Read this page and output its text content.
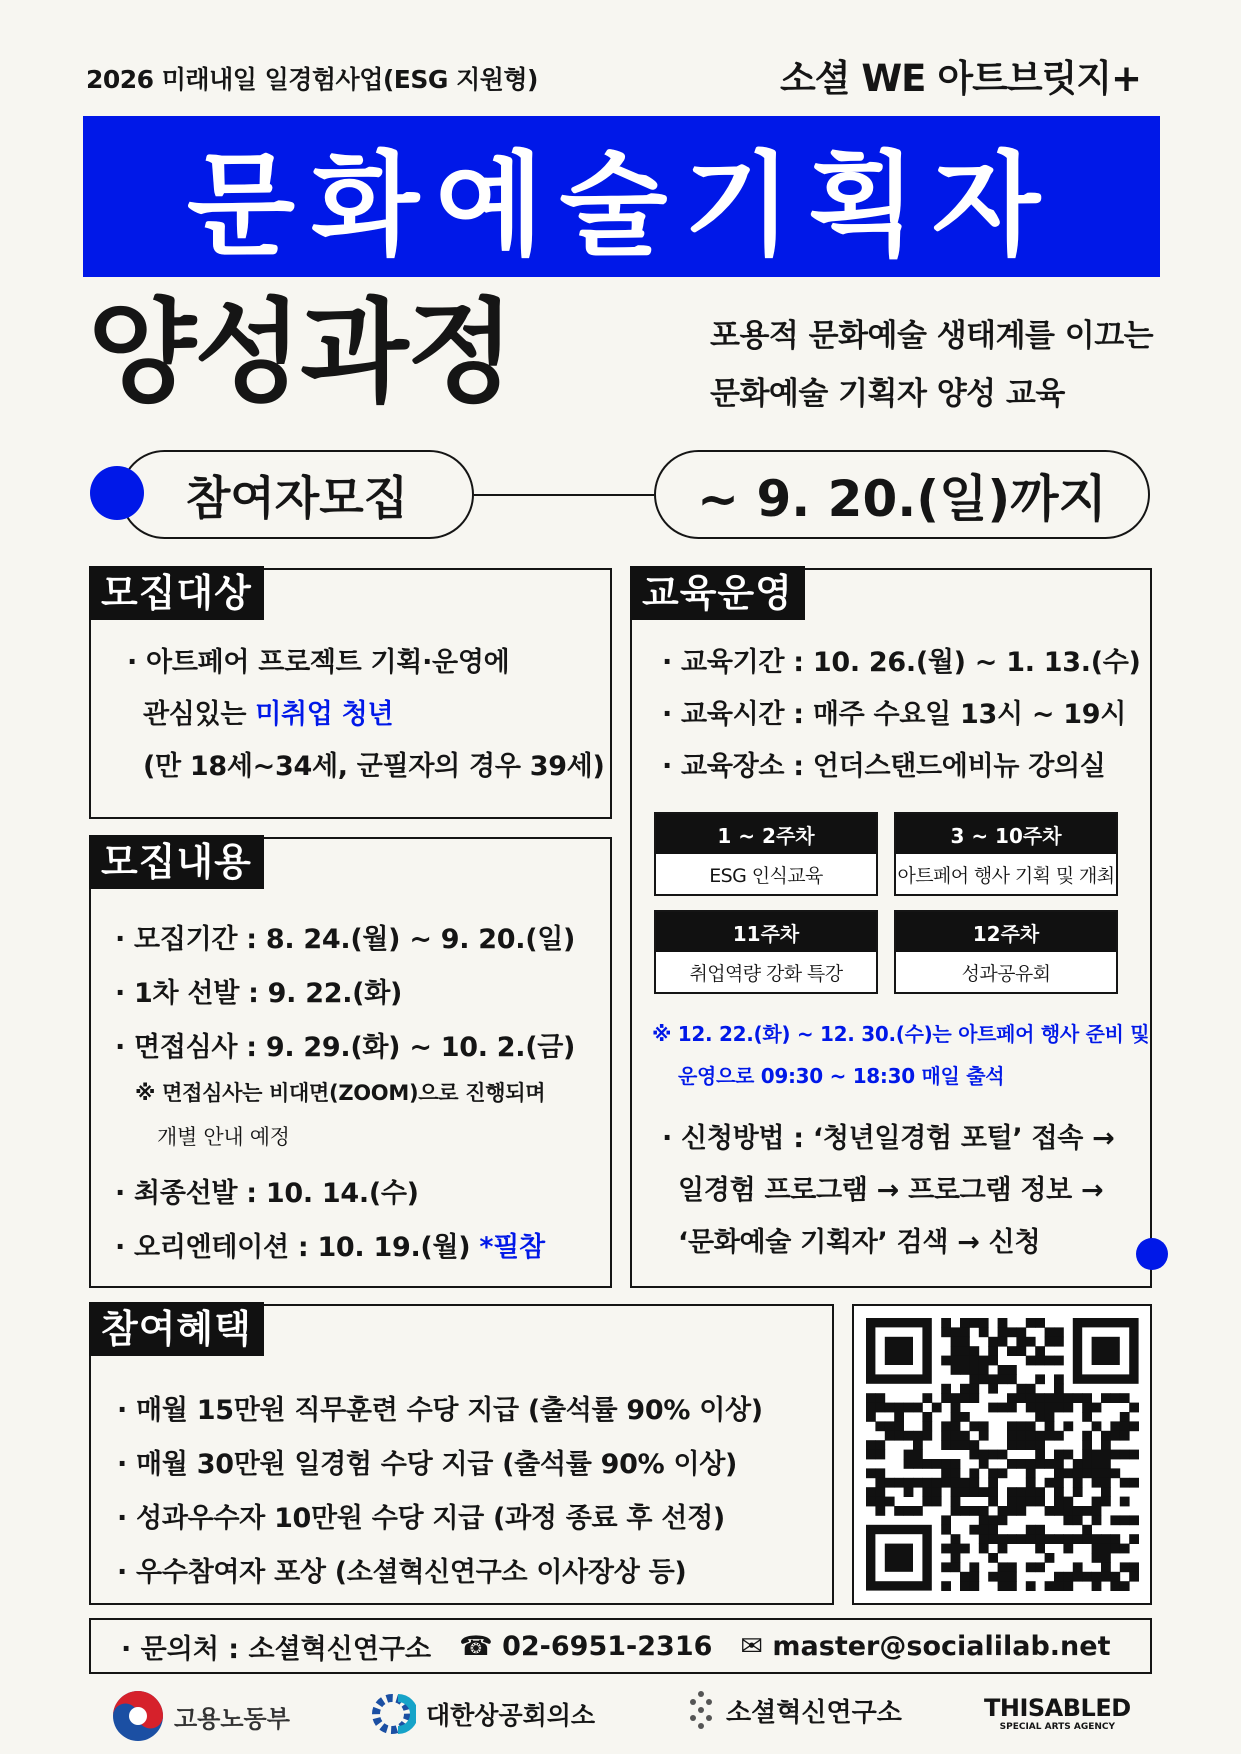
2026 미래내일 일경험사업(ESG 지원형)	소셜 WE 아트브릿지+
문화예술기획자
양성과정	포용적 문화예술 생태계를 이끄는
문화예술 기획자 양성 교육
참여자모집	~ 9. 20.(일)까지
· 아트페어 프로젝트 기획·운영에
관심있는 미취업 청년
(만 18세~34세, 군필자의 경우 39세)
모집대상
· 모집기간 : 8. 24.(월) ~ 9. 20.(일)
· 1차 선발 : 9. 22.(화)
· 면접심사 : 9. 29.(화) ~ 10. 2.(금)
※ 면접심사는 비대면(ZOOM)으로 진행되며
개별 안내 예정
· 최종선발 : 10. 14.(수)
· 오리엔테이션 : 10. 19.(월) *필참
모집내용
· 교육기간 : 10. 26.(월) ~ 1. 13.(수)
· 교육시간 : 매주 수요일 13시 ~ 19시
· 교육장소 : 언더스탠드에비뉴 강의실
1 ~ 2주차
ESG 인식교육
3 ~ 10주차
아트페어 행사 기획 및 개최
11주차
취업역량 강화 특강
12주차
성과공유회
※ 12. 22.(화) ~ 12. 30.(수)는 아트페어 행사 준비 및
운영으로 09:30 ~ 18:30 매일 출석
· 신청방법 : ‘청년일경험 포털’ 접속 →
일경험 프로그램 → 프로그램 정보 →
‘문화예술 기획자’ 검색 → 신청
교육운영
· 매월 15만원 직무훈련 수당 지급 (출석률 90% 이상)
· 매월 30만원 일경험 수당 지급 (출석률 90% 이상)
· 성과우수자 10만원 수당 지급 (과정 종료 후 선정)
· 우수참여자 포상 (소셜혁신연구소 이사장상 등)
참여혜택
· 문의처 : 소셜혁신연구소 ☎ 02-6951-2316 ✉ master@socialilab.net
고용노동부	대한상공회의소	소셜혁신연구소	THISABLED
SPECIAL ARTS AGENCY
